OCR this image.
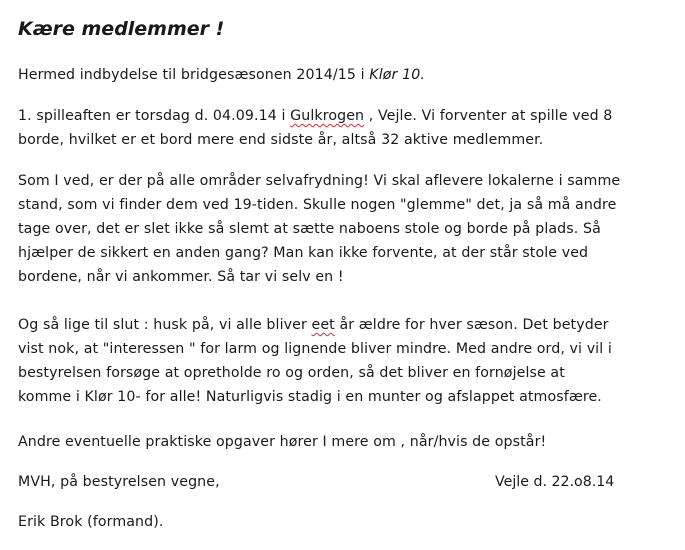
Kære medlemmer !
Hermed indbydelse til bridgesæsonen 2014/15 i Klør 10.
1. spilleaften er torsdag d. 04.09.14 i Gulkrogen , Vejle. Vi forventer at spille ved 8
borde, hvilket er et bord mere end sidste år, altså 32 aktive medlemmer.
Som I ved, er der på alle områder selvafrydning! Vi skal aflevere lokalerne i samme
stand, som vi finder dem ved 19-tiden. Skulle nogen "glemme" det, ja så må andre
tage over, det er slet ikke så slemt at sætte naboens stole og borde på plads. Så
hjælper de sikkert en anden gang? Man kan ikke forvente, at der står stole ved
bordene, når vi ankommer. Så tar vi selv en !
Og så lige til slut : husk på, vi alle bliver eet år ældre for hver sæson. Det betyder
vist nok, at "interessen " for larm og lignende bliver mindre. Med andre ord, vi vil i
bestyrelsen forsøge at opretholde ro og orden, så det bliver en fornøjelse at
komme i Klør 10- for alle! Naturligvis stadig i en munter og afslappet atmosfære.
Andre eventuelle praktiske opgaver hører I mere om , når/hvis de opstår!
MVH, på bestyrelsen vegne,	Vejle d. 22.o8.14
Erik Brok (formand).
